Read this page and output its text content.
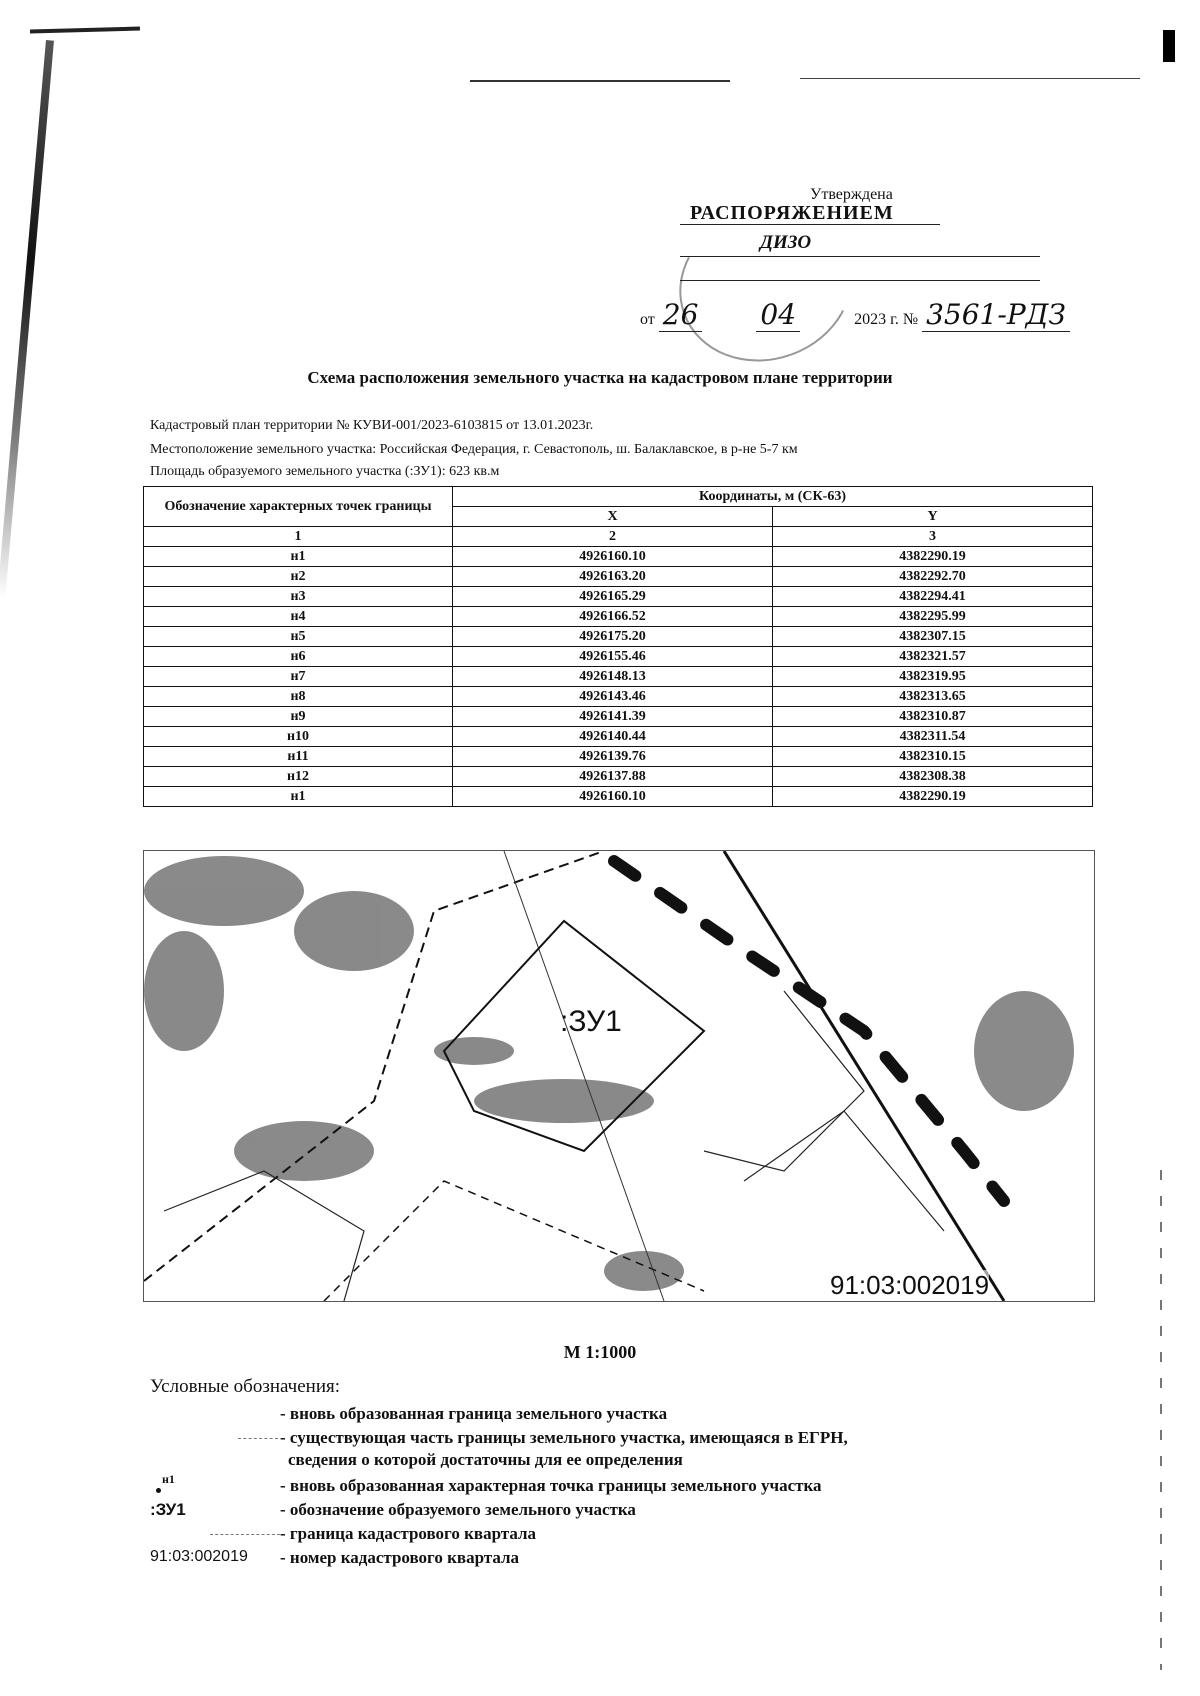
Утверждена
РАСПОРЯЖЕНИЕМ
ДИЗО
от 26 04	2023 г. № 3561-РДЗ
Схема расположения земельного участка на кадастровом плане территории
Кадастровый план территории № КУВИ-001/2023-6103815 от 13.01.2023г.
Местоположение земельного участка: Российская Федерация, г. Севастополь, ш. Балаклавское, в р-не 5-7 км
Площадь образуемого земельного участка (:ЗУ1): 623 кв.м
Обозначение характерных точек границы	Координаты, м (СК-63)	
	X	Y
1	2	3
н1	4926160.10	4382290.19
н2	4926163.20	4382292.70
н3	4926165.29	4382294.41
н4	4926166.52	4382295.99
н5	4926175.20	4382307.15
н6	4926155.46	4382321.57
н7	4926148.13	4382319.95
н8	4926143.46	4382313.65
н9	4926141.39	4382310.87
н10	4926140.44	4382311.54
н11	4926139.76	4382310.15
н12	4926137.88	4382308.38
н1	4926160.10	4382290.19
:ЗУ1
91:03:002019
М 1:1000
Условные обозначения:
- вновь образованная граница земельного участка
- существующая часть границы земельного участка, имеющаяся в ЕГРН,
сведения о которой достаточны для ее определения
н1	- вновь образованная характерная точка границы земельного участка
:ЗУ1	- обозначение образуемого земельного участка
- граница кадастрового квартала
91:03:002019 - номер кадастрового квартала
